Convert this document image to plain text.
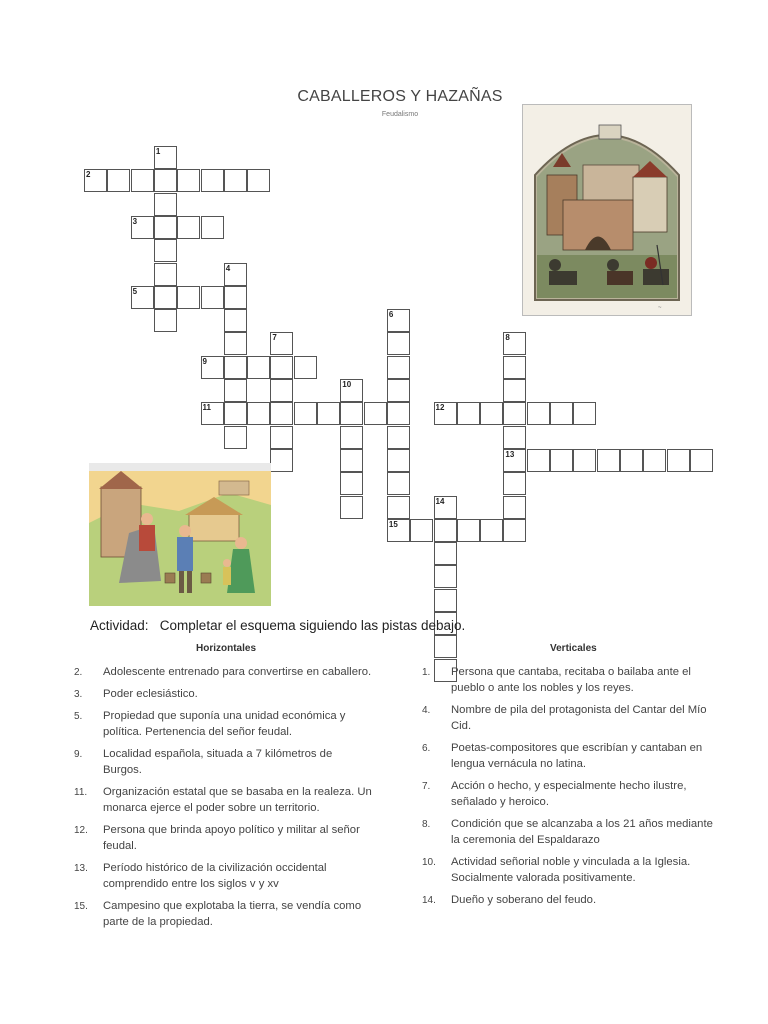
CABALLEROS Y HAZAÑAS
Feudalismo
1
2
3
4
5
6
7	8
9
10
11	12
13
14
15
~
Actividad: Completar el esquema siguiendo las pistas debajo.
Horizontales	Verticales
2. Adolescente entrenado para convertirse en caballero.
3. Poder eclesiástico.
5. Propiedad que suponía una unidad económica y política. Pertenencia del señor feudal.
9. Localidad española, situada a 7 kilómetros de Burgos.
11. Organización estatal que se basaba en la realeza. Un monarca ejerce el poder sobre un territorio.
12. Persona que brinda apoyo político y militar al señor feudal.
13. Período histórico de la civilización occidental comprendido entre los siglos v y xv
15. Campesino que explotaba la tierra, se vendía como parte de la propiedad.
1. Persona que cantaba, recitaba o bailaba ante el pueblo o ante los nobles y los reyes.
4. Nombre de pila del protagonista del Cantar del Mío Cid.
6. Poetas-compositores que escribían y cantaban en lengua vernácula no latina.
7. Acción o hecho, y especialmente hecho ilustre, señalado y heroico.
8. Condición que se alcanzaba a los 21 años mediante la ceremonia del Espaldarazo
10. Actividad señorial noble y vinculada a la Iglesia. Socialmente valorada positivamente.
14. Dueño y soberano del feudo.
